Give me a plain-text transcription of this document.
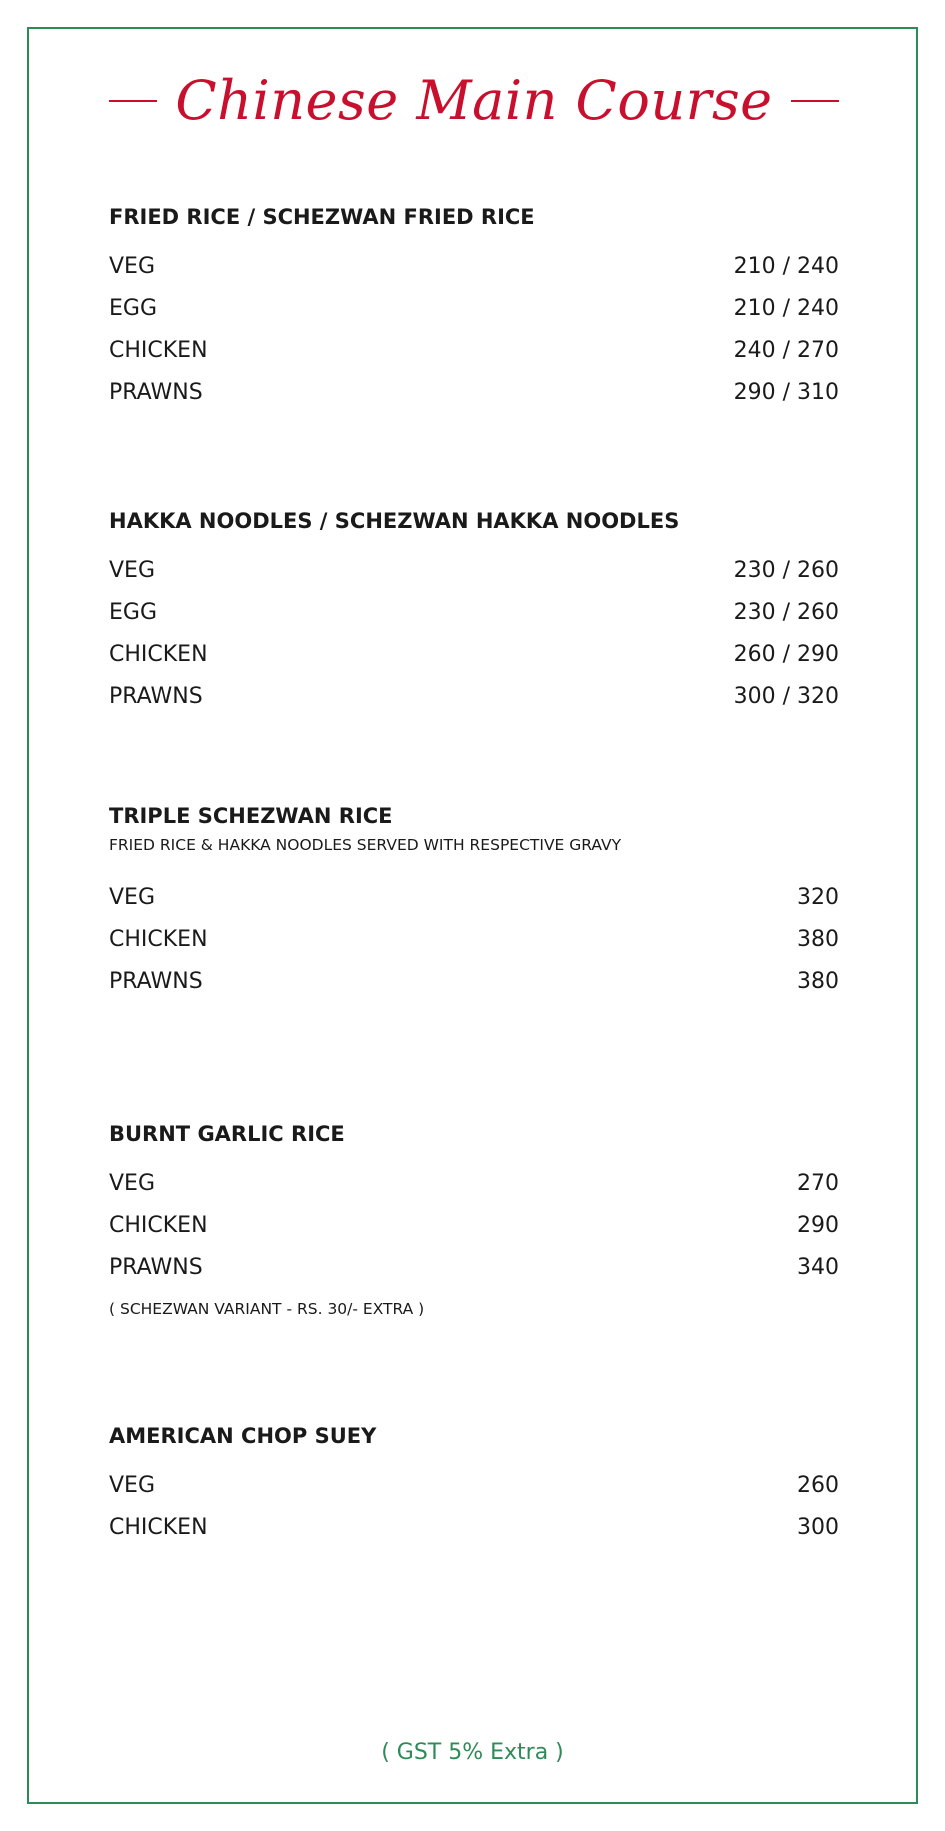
Chinese Main Course
FRIED RICE / SCHEZWAN FRIED RICE
VEG	210 / 240
EGG	210 / 240
CHICKEN	240 / 270
PRAWNS	290 / 310
HAKKA NOODLES / SCHEZWAN HAKKA NOODLES
VEG	230 / 260
EGG	230 / 260
CHICKEN	260 / 290
PRAWNS	300 / 320
TRIPLE SCHEZWAN RICE
FRIED RICE & HAKKA NOODLES SERVED WITH RESPECTIVE GRAVY
VEG	320
CHICKEN	380
PRAWNS	380
BURNT GARLIC RICE
VEG	270
CHICKEN	290
PRAWNS	340
( SCHEZWAN VARIANT - RS. 30/- EXTRA )
AMERICAN CHOP SUEY
VEG	260
CHICKEN	300
( GST 5% Extra )
